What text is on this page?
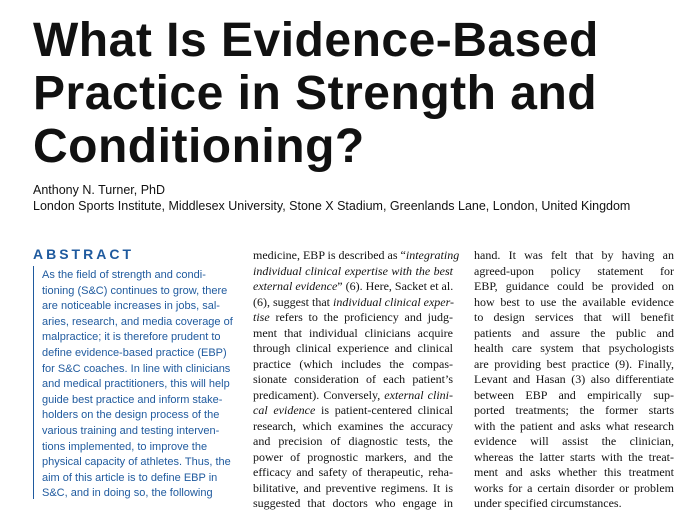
What Is Evidence-Based
Practice in Strength and
Conditioning?
Anthony N. Turner, PhD
London Sports Institute, Middlesex University, Stone X Stadium, Greenlands Lane, London, United Kingdom
ABSTRACT
As the field of strength and condi-
tioning (S&C) continues to grow, there
are noticeable increases in jobs, sal-
aries, research, and media coverage of
malpractice; it is therefore prudent to
define evidence-based practice (EBP)
for S&C coaches. In line with clinicians
and medical practitioners, this will help
guide best practice and inform stake-
holders on the design process of the
various training and testing interven-
tions implemented, to improve the
physical capacity of athletes. Thus, the
aim of this article is to define EBP in
S&C, and in doing so, the following
medicine, EBP is described as “integrating
individual clinical expertise with the best
external evidence” (6). Here, Sacket et al.
(6), suggest that individual clinical exper-
tise refers to the proficiency and judg-
ment that individual clinicians acquire
through clinical experience and clinical
practice (which includes the compas-
sionate consideration of each patient’s
predicament). Conversely, external clini-
cal evidence is patient-centered clinical
research, which examines the accuracy
and precision of diagnostic tests, the
power of prognostic markers, and the
efficacy and safety of therapeutic, reha-
bilitative, and preventive regimens. It is
suggested that doctors who engage in
hand. It was felt that by having an
agreed-upon policy statement for
EBP, guidance could be provided on
how best to use the available evidence
to design services that will benefit
patients and assure the public and
health care system that psychologists
are providing best practice (9). Finally,
Levant and Hasan (3) also differentiate
between EBP and empirically sup-
ported treatments; the former starts
with the patient and asks what research
evidence will assist the clinician,
whereas the latter starts with the treat-
ment and asks whether this treatment
works for a certain disorder or problem
under specified circumstances.
